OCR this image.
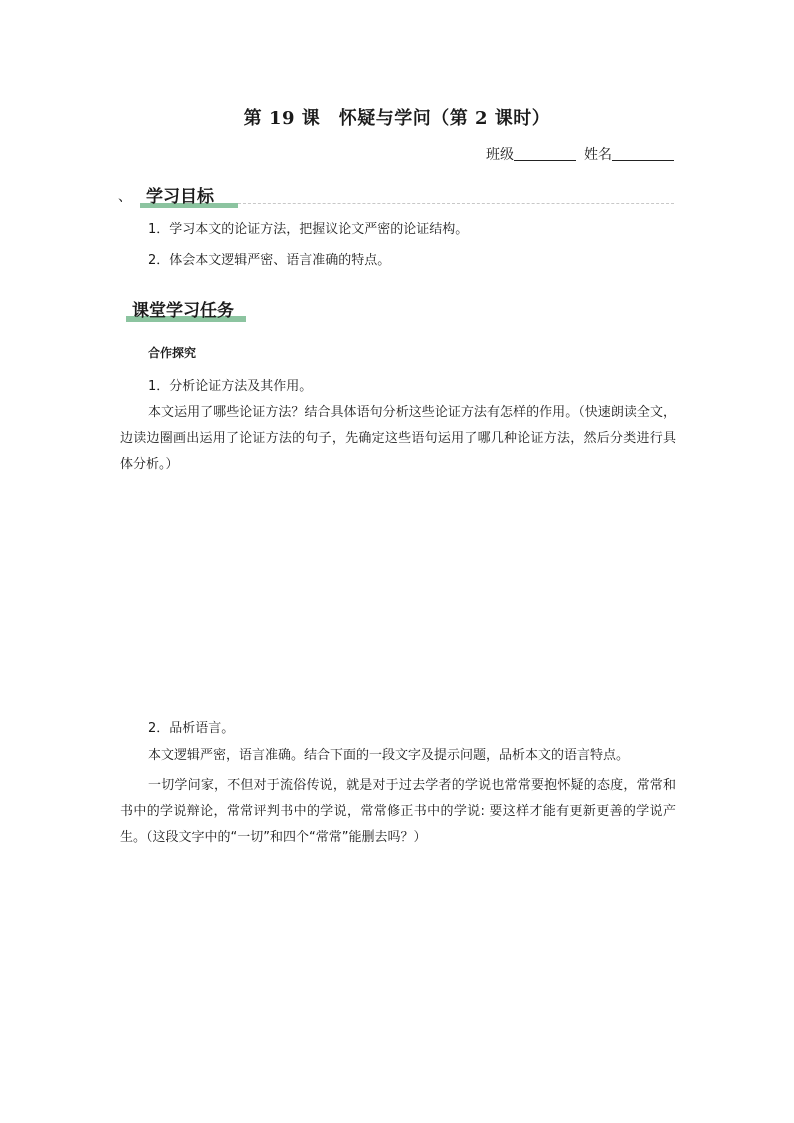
第 19 课　怀疑与学问（第 2 课时）
班级	姓名
、 学习目标
1．学习本文的论证方法，把握议论文严密的论证结构。
2．体会本文逻辑严密、语言准确的特点。
课堂学习任务
合作探究
1．分析论证方法及其作用。
本文运用了哪些论证方法？结合具体语句分析这些论证方法有怎样的作用。（快速朗读全文，边读边圈画出运用了论证方法的句子，先确定这些语句运用了哪几种论证方法，然后分类进行具体分析。）
2．品析语言。
本文逻辑严密，语言准确。结合下面的一段文字及提示问题，品析本文的语言特点。
一切学问家，不但对于流俗传说，就是对于过去学者的学说也常常要抱怀疑的态度，常常和书中的学说辩论，常常评判书中的学说，常常修正书中的学说: 要这样才能有更新更善的学说产生。（这段文字中的“一切”和四个“常常”能删去吗？）
